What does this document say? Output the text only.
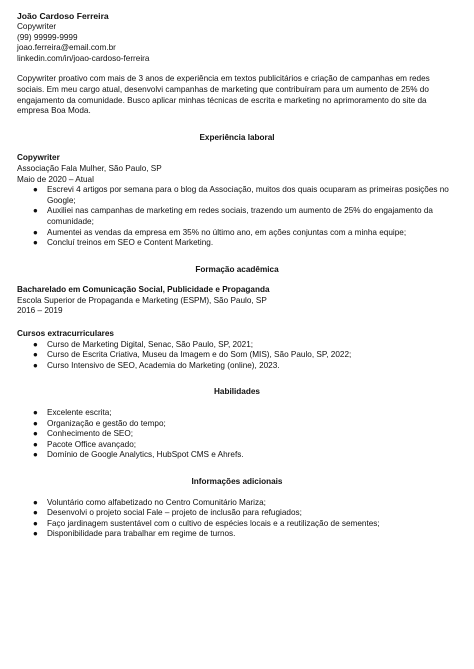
João Cardoso Ferreira
Copywriter
(99) 99999-9999
joao.ferreira@email.com.br
linkedin.com/in/joao-cardoso-ferreira
Copywriter proativo com mais de 3 anos de experiência em textos publicitários e criação de campanhas em redes sociais. Em meu cargo atual, desenvolvi campanhas de marketing que contribuíram para um aumento de 25% do engajamento da comunidade. Busco aplicar minhas técnicas de escrita e marketing no aprimoramento do site da empresa Boa Moda.
Experiência laboral
Copywriter
Associação Fala Mulher, São Paulo, SP
Maio de 2020 – Atual
● Escrevi 4 artigos por semana para o blog da Associação, muitos dos quais ocuparam as primeiras posições no Google;
● Auxiliei nas campanhas de marketing em redes sociais, trazendo um aumento de 25% do engajamento da comunidade;
● Aumentei as vendas da empresa em 35% no último ano, em ações conjuntas com a minha equipe;
● Concluí treinos em SEO e Content Marketing.
Formação acadêmica
Bacharelado em Comunicação Social, Publicidade e Propaganda
Escola Superior de Propaganda e Marketing (ESPM), São Paulo, SP
2016 – 2019
Cursos extracurriculares
● Curso de Marketing Digital, Senac, São Paulo, SP, 2021;
● Curso de Escrita Criativa, Museu da Imagem e do Som (MIS), São Paulo, SP, 2022;
● Curso Intensivo de SEO, Academia do Marketing (online), 2023.
Habilidades
● Excelente escrita;
● Organização e gestão do tempo;
● Conhecimento de SEO;
● Pacote Office avançado;
● Domínio de Google Analytics, HubSpot CMS e Ahrefs.
Informações adicionais
● Voluntário como alfabetizado no Centro Comunitário Mariza;
● Desenvolvi o projeto social Fale – projeto de inclusão para refugiados;
● Faço jardinagem sustentável com o cultivo de espécies locais e a reutilização de sementes;
● Disponibilidade para trabalhar em regime de turnos.
